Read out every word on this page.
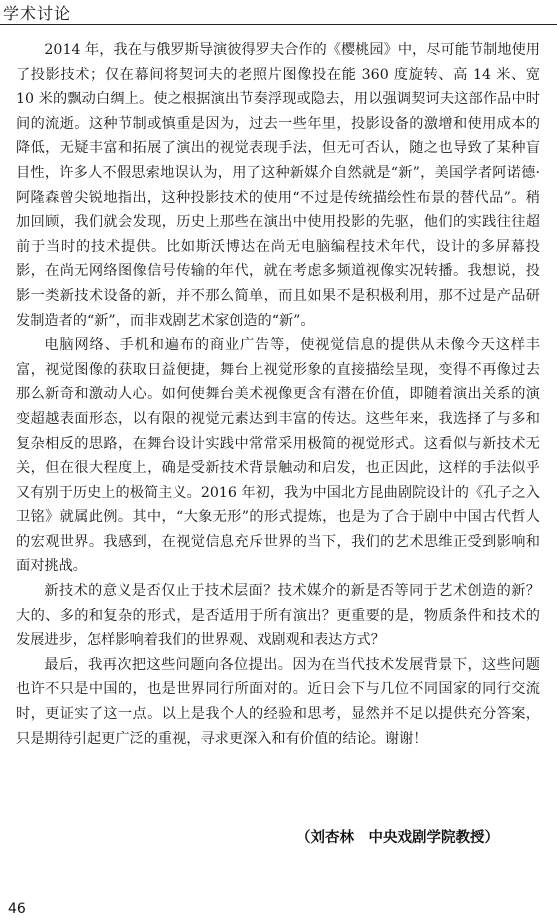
学术讨论

2014 年，我在与俄罗斯导演彼得罗夫合作的《樱桃园》中，尽可能节制地使用了投影技术；仅在幕间将契诃夫的老照片图像投在能 360 度旋转、高 14 米、宽 10 米的飘动白绸上。使之根据演出节奏浮现或隐去，用以强调契诃夫这部作品中时间的流逝。这种节制或慎重是因为，过去一些年里，投影设备的激增和使用成本的降低，无疑丰富和拓展了演出的视觉表现手法，但无可否认，随之也导致了某种盲目性，许多人不假思索地误认为，用了这种新媒介自然就是“新”，美国学者阿诺德·阿隆森曾尖锐地指出，这种投影技术的使用“不过是传统描绘性布景的替代品”。稍加回顾，我们就会发现，历史上那些在演出中使用投影的先驱，他们的实践往往超前于当时的技术提供。比如斯沃博达在尚无电脑编程技术年代，设计的多屏幕投影，在尚无网络图像信号传输的年代，就在考虑多频道视像实况转播。我想说，投影一类新技术设备的新，并不那么简单，而且如果不是积极利用，那不过是产品研发制造者的“新”，而非戏剧艺术家创造的“新”。

电脑网络、手机和遍布的商业广告等，使视觉信息的提供从未像今天这样丰富，视觉图像的获取日益便捷，舞台上视觉形象的直接描绘呈现，变得不再像过去那么新奇和激动人心。如何使舞台美术视像更含有潜在价值，即随着演出关系的演变超越表面形态，以有限的视觉元素达到丰富的传达。这些年来，我选择了与多和复杂相反的思路，在舞台设计实践中常常采用极简的视觉形式。这看似与新技术无关，但在很大程度上，确是受新技术背景触动和启发，也正因此，这样的手法似乎又有别于历史上的极简主义。2016 年初，我为中国北方昆曲剧院设计的《孔子之入卫铭》就属此例。其中，“大象无形”的形式提炼，也是为了合于剧中中国古代哲人的宏观世界。我感到，在视觉信息充斥世界的当下，我们的艺术思维正受到影响和面对挑战。

新技术的意义是否仅止于技术层面？技术媒介的新是否等同于艺术创造的新？大的、多的和复杂的形式，是否适用于所有演出？更重要的是，物质条件和技术的发展进步，怎样影响着我们的世界观、戏剧观和表达方式？

最后，我再次把这些问题向各位提出。因为在当代技术发展背景下，这些问题也许不只是中国的，也是世界同行所面对的。近日会下与几位不同国家的同行交流时，更证实了这一点。以上是我个人的经验和思考，显然并不足以提供充分答案，只是期待引起更广泛的重视，寻求更深入和有价值的结论。谢谢！

（刘杏林　中央戏剧学院教授）
46
